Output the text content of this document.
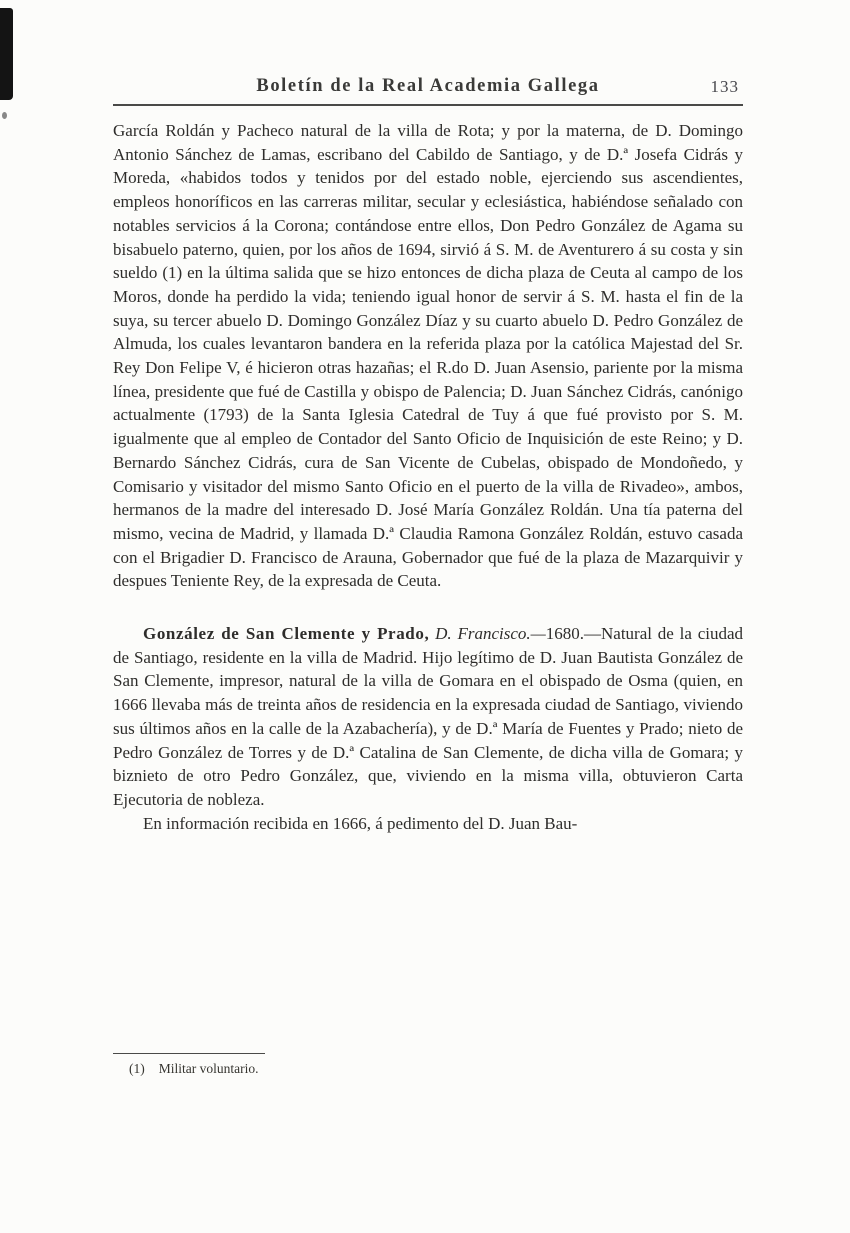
Boletín de la Real Academia Gallega	133

García Roldán y Pacheco natural de la villa de Rota; y por la materna, de D. Domingo Antonio Sánchez de Lamas, escribano del Cabildo de Santiago, y de D.ª Josefa Cidrás y Moreda, «habidos todos y tenidos por del estado noble, ejerciendo sus ascendientes, empleos honoríficos en las carreras militar, secular y eclesiástica, habiéndose señalado con notables servicios á la Corona; contándose entre ellos, Don Pedro González de Agama su bisabuelo paterno, quien, por los años de 1694, sirvió á S. M. de Aventurero á su costa y sin sueldo (1) en la última salida que se hizo entonces de dicha plaza de Ceuta al campo de los Moros, donde ha perdido la vida; teniendo igual honor de servir á S. M. hasta el fin de la suya, su tercer abuelo D. Domingo González Díaz y su cuarto abuelo D. Pedro González de Almuda, los cuales levantaron bandera en la referida plaza por la católica Majestad del Sr. Rey Don Felipe V, é hicieron otras hazañas; el R.do D. Juan Asensio, pariente por la misma línea, presidente que fué de Castilla y obispo de Palencia; D. Juan Sánchez Cidrás, canónigo actualmente (1793) de la Santa Iglesia Catedral de Tuy á que fué provisto por S. M. igualmente que al empleo de Contador del Santo Oficio de Inquisición de este Reino; y D. Bernardo Sánchez Cidrás, cura de San Vicente de Cubelas, obispado de Mondoñedo, y Comisario y visitador del mismo Santo Oficio en el puerto de la villa de Rivadeo», ambos, hermanos de la madre del interesado D. José María González Roldán. Una tía paterna del mismo, vecina de Madrid, y llamada D.ª Claudia Ramona González Roldán, estuvo casada con el Brigadier D. Francisco de Arauna, Gobernador que fué de la plaza de Mazarquivir y despues Teniente Rey, de la expresada de Ceuta.

González de San Clemente y Prado, D. Francisco.—1680.—Natural de la ciudad de Santiago, residente en la villa de Madrid. Hijo legítimo de D. Juan Bautista González de San Clemente, impresor, natural de la villa de Gomara en el obispado de Osma (quien, en 1666 llevaba más de treinta años de residencia en la expresada ciudad de Santiago, viviendo sus últimos años en la calle de la Azabachería), y de D.ª María de Fuentes y Prado; nieto de Pedro González de Torres y de D.ª Catalina de San Clemente, de dicha villa de Gomara; y biznieto de otro Pedro González, que, viviendo en la misma villa, obtuvieron Carta Ejecutoria de nobleza.

En información recibida en 1666, á pedimento del D. Juan Bau-

(1) Militar voluntario.
